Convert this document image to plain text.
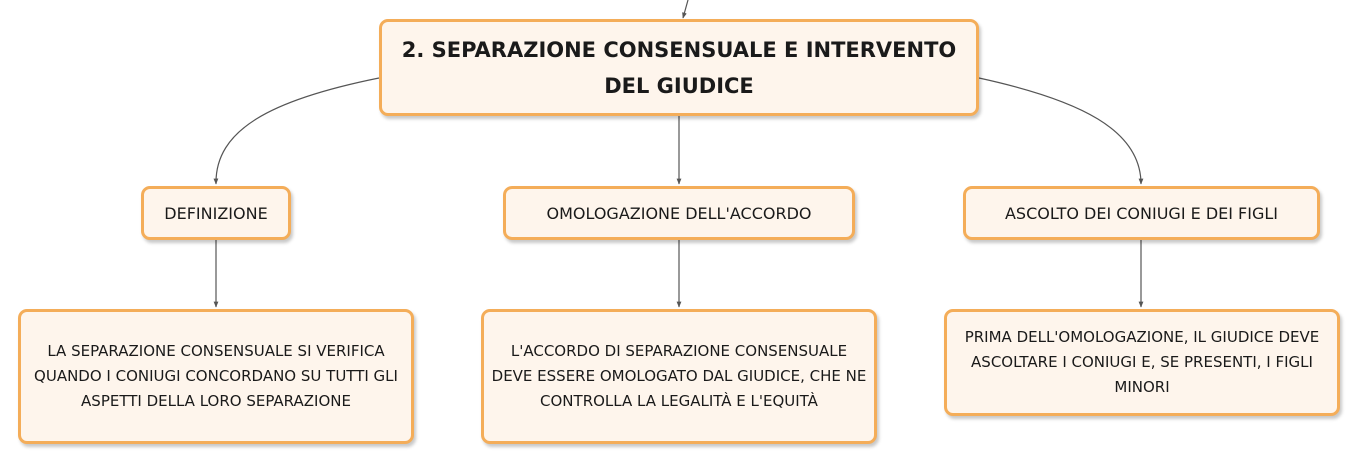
2. SEPARAZIONE CONSENSUALE E INTERVENTO DEL GIUDICE
DEFINIZIONE	OMOLOGAZIONE DELL'ACCORDO	ASCOLTO DEI CONIUGI E DEI FIGLI
LA SEPARAZIONE CONSENSUALE SI VERIFICA QUANDO I CONIUGI CONCORDANO SU TUTTI GLI ASPETTI DELLA LORO SEPARAZIONE
L'ACCORDO DI SEPARAZIONE CONSENSUALE DEVE ESSERE OMOLOGATO DAL GIUDICE, CHE NE CONTROLLA LA LEGALITÀ E L'EQUITÀ
PRIMA DELL'OMOLOGAZIONE, IL GIUDICE DEVE ASCOLTARE I CONIUGI E, SE PRESENTI, I FIGLI MINORI
